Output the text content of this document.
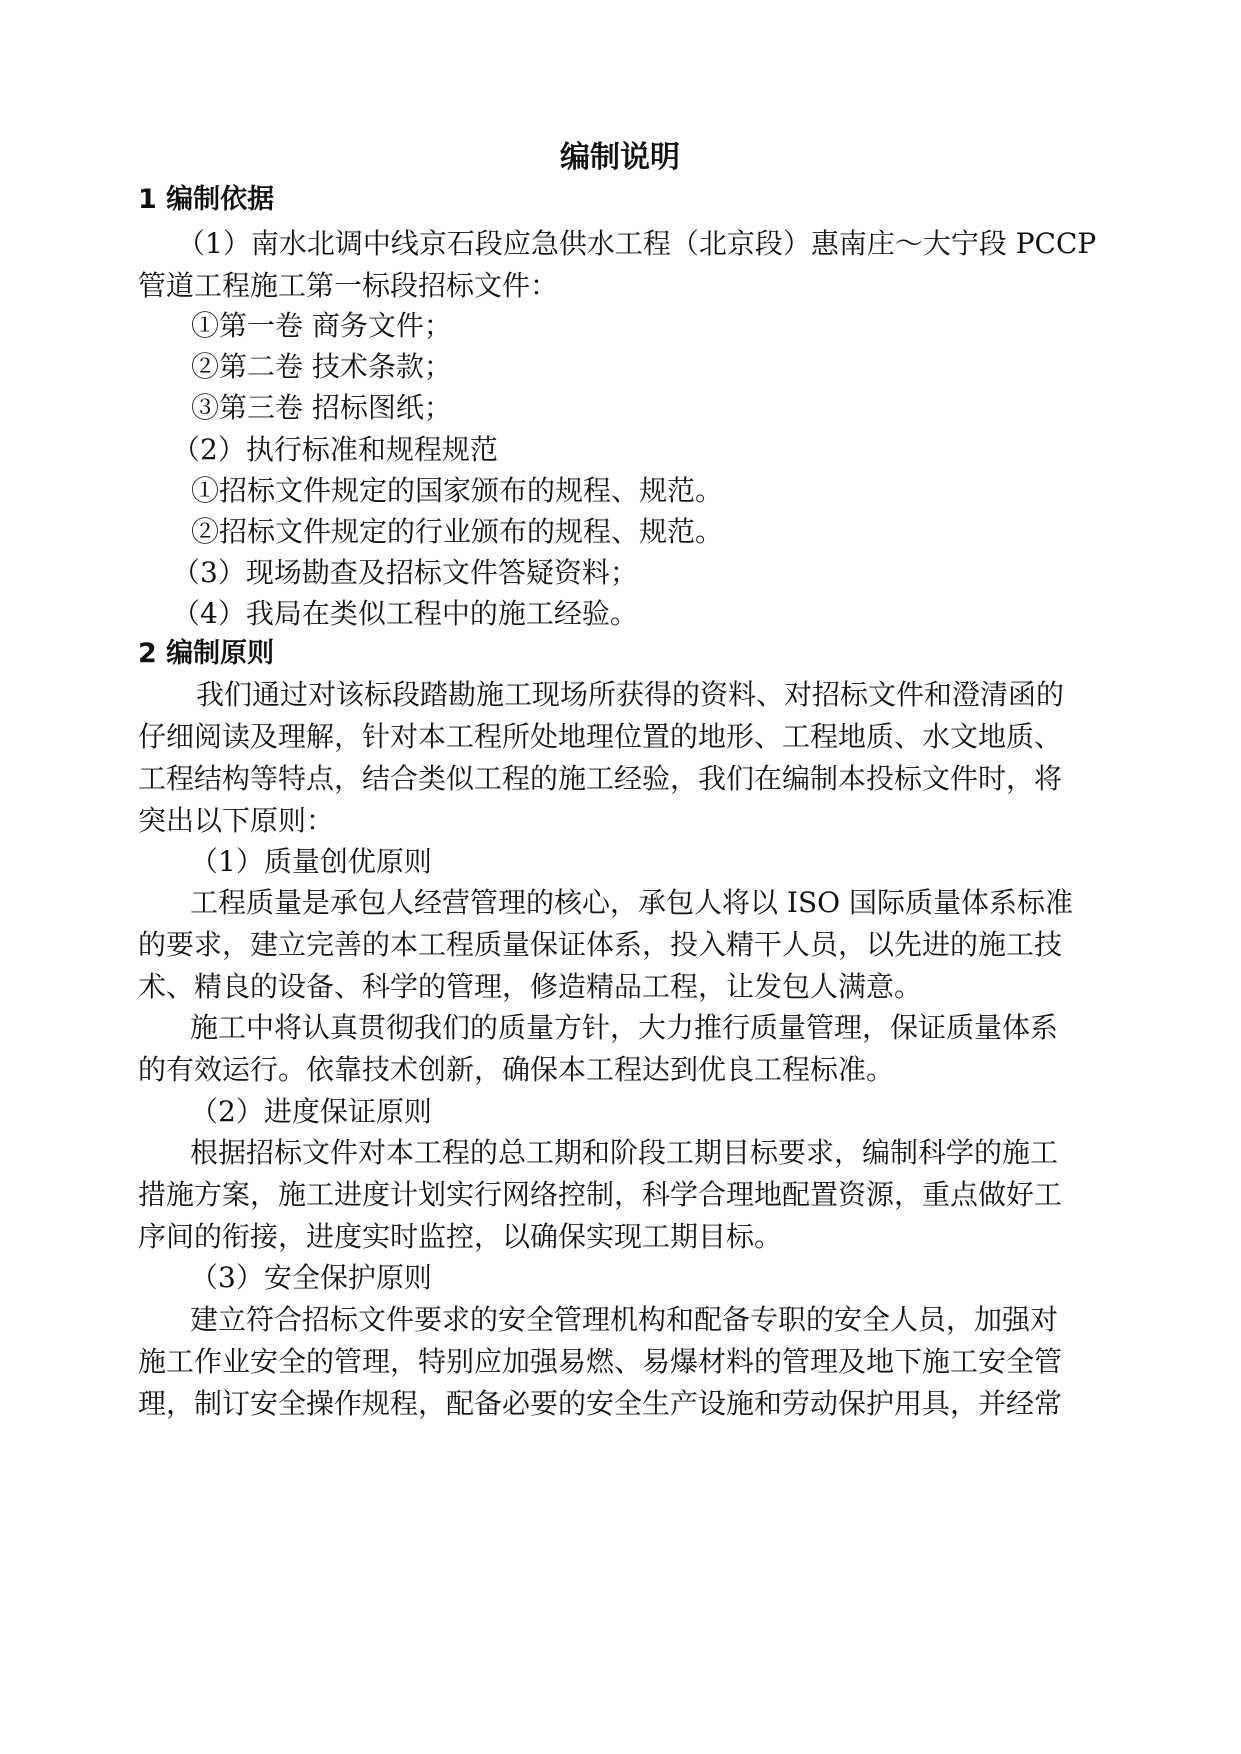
编制说明
1 编制依据
（1）南水北调中线京石段应急供水工程（北京段）惠南庄～大宁段 PCCP
管道工程施工第一标段招标文件：
①第一卷 商务文件；
②第二卷 技术条款；
③第三卷 招标图纸；
（2）执行标准和规程规范
①招标文件规定的国家颁布的规程、规范。
②招标文件规定的行业颁布的规程、规范。
（3）现场勘查及招标文件答疑资料；
（4）我局在类似工程中的施工经验。
2 编制原则
我们通过对该标段踏勘施工现场所获得的资料、对招标文件和澄清函的
仔细阅读及理解，针对本工程所处地理位置的地形、工程地质、水文地质、
工程结构等特点，结合类似工程的施工经验，我们在编制本投标文件时，将
突出以下原则：
（1）质量创优原则
工程质量是承包人经营管理的核心，承包人将以 ISO 国际质量体系标准
的要求，建立完善的本工程质量保证体系，投入精干人员，以先进的施工技
术、精良的设备、科学的管理，修造精品工程，让发包人满意。
施工中将认真贯彻我们的质量方针，大力推行质量管理，保证质量体系
的有效运行。依靠技术创新，确保本工程达到优良工程标准。
（2）进度保证原则
根据招标文件对本工程的总工期和阶段工期目标要求，编制科学的施工
措施方案，施工进度计划实行网络控制，科学合理地配置资源，重点做好工
序间的衔接，进度实时监控，以确保实现工期目标。
（3）安全保护原则
建立符合招标文件要求的安全管理机构和配备专职的安全人员，加强对
施工作业安全的管理，特别应加强易燃、易爆材料的管理及地下施工安全管
理，制订安全操作规程，配备必要的安全生产设施和劳动保护用具，并经常
